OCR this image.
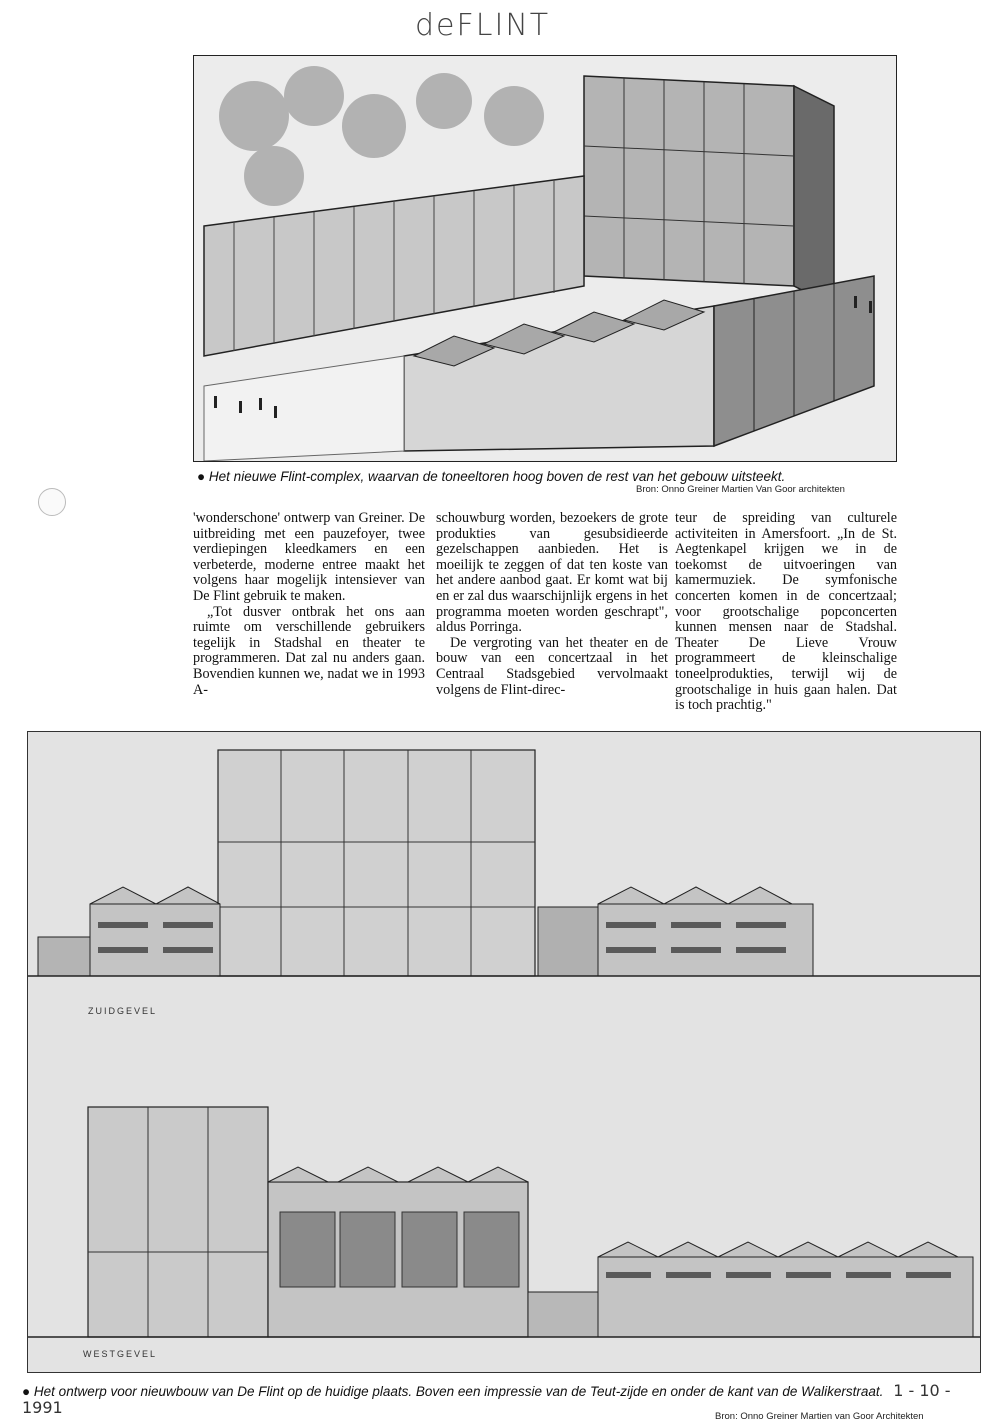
deFLINT
● Het nieuwe Flint-complex, waarvan de toneeltoren hoog boven de rest van het gebouw uitsteekt.
Bron: Onno Greiner Martien Van Goor architekten

'wonderschone' ontwerp van Greiner. De uitbreiding met een pauzefoyer, twee verdiepingen kleedkamers en een verbeterde, moderne entree maakt het volgens haar mogelijk intensiever van De Flint gebruik te maken.

„Tot dusver ontbrak het ons aan ruimte om verschillende gebruikers tegelijk in Stadshal en theater te programmeren. Dat zal nu anders gaan. Bovendien kunnen we, nadat we in 1993 A-

schouwburg worden, bezoekers de grote produkties van gesubsidieerde gezelschappen aanbieden. Het is moeilijk te zeggen of dat ten koste van het andere aanbod gaat. Er komt wat bij en er zal dus waarschijnlijk ergens in het programma moeten worden geschrapt", aldus Porringa.

De vergroting van het theater en de bouw van een concertzaal in het Centraal Stadsgebied vervolmaakt volgens de Flint-direc-

teur de spreiding van culturele activiteiten in Amersfoort. „In de St. Aegtenkapel krijgen we in de toekomst de uitvoeringen van kamermuziek. De symfonische concerten komen in de concertzaal; voor grootschalige popconcerten kunnen mensen naar de Stadshal. Theater De Lieve Vrouw programmeert de kleinschalige toneelprodukties, terwijl wij de grootschalige in huis gaan halen. Dat is toch prachtig."

ZUIDGEVEL
WESTGEVEL
● Het ontwerp voor nieuwbouw van De Flint op de huidige plaats. Boven een impressie van de Teut-zijde en onder de kant van de Walikerstraat. 1 - 10 - 1991	Bron: Onno Greiner Martien van Goor Architekten
